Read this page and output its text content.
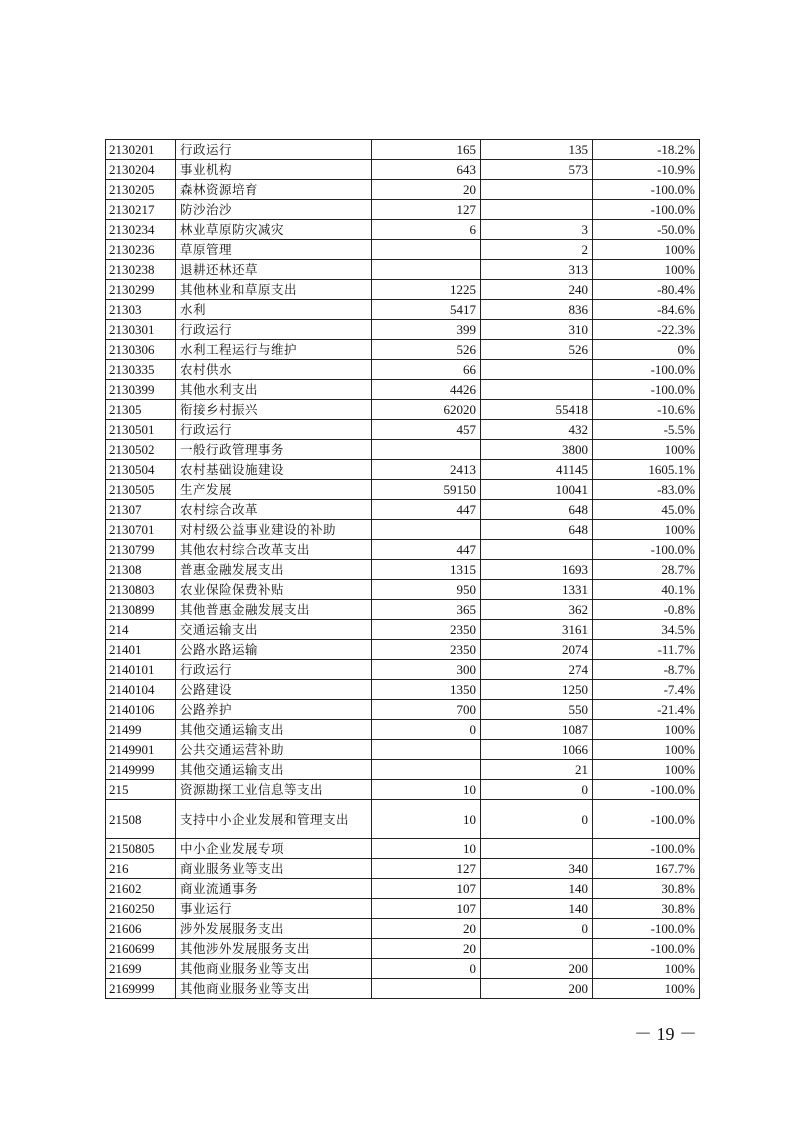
2130201	行政运行	165	135	-18.2%
2130204	事业机构	643	573	-10.9%
2130205	森林资源培育	20		-100.0%
2130217	防沙治沙	127		-100.0%
2130234	林业草原防灾减灾	6	3	-50.0%
2130236	草原管理		2	100%
2130238	退耕还林还草		313	100%
2130299	其他林业和草原支出	1225	240	-80.4%
21303	水利	5417	836	-84.6%
2130301	行政运行	399	310	-22.3%
2130306	水利工程运行与维护	526	526	0%
2130335	农村供水	66		-100.0%
2130399	其他水利支出	4426		-100.0%
21305	衔接乡村振兴	62020	55418	-10.6%
2130501	行政运行	457	432	-5.5%
2130502	一般行政管理事务		3800	100%
2130504	农村基础设施建设	2413	41145	1605.1%
2130505	生产发展	59150	10041	-83.0%
21307	农村综合改革	447	648	45.0%
2130701	对村级公益事业建设的补助		648	100%
2130799	其他农村综合改革支出	447		-100.0%
21308	普惠金融发展支出	1315	1693	28.7%
2130803	农业保险保费补贴	950	1331	40.1%
2130899	其他普惠金融发展支出	365	362	-0.8%
214	交通运输支出	2350	3161	34.5%
21401	公路水路运输	2350	2074	-11.7%
2140101	行政运行	300	274	-8.7%
2140104	公路建设	1350	1250	-7.4%
2140106	公路养护	700	550	-21.4%
21499	其他交通运输支出	0	1087	100%
2149901	公共交通运营补助		1066	100%
2149999	其他交通运输支出		21	100%
215	资源勘探工业信息等支出	10	0	-100.0%
21508	支持中小企业发展和管理支出	10	0	-100.0%
2150805	中小企业发展专项	10		-100.0%
216	商业服务业等支出	127	340	167.7%
21602	商业流通事务	107	140	30.8%
2160250	事业运行	107	140	30.8%
21606	涉外发展服务支出	20	0	-100.0%
2160699	其他涉外发展服务支出	20		-100.0%
21699	其他商业服务业等支出	0	200	100%
2169999	其他商业服务业等支出		200	100%
－ 19 －
